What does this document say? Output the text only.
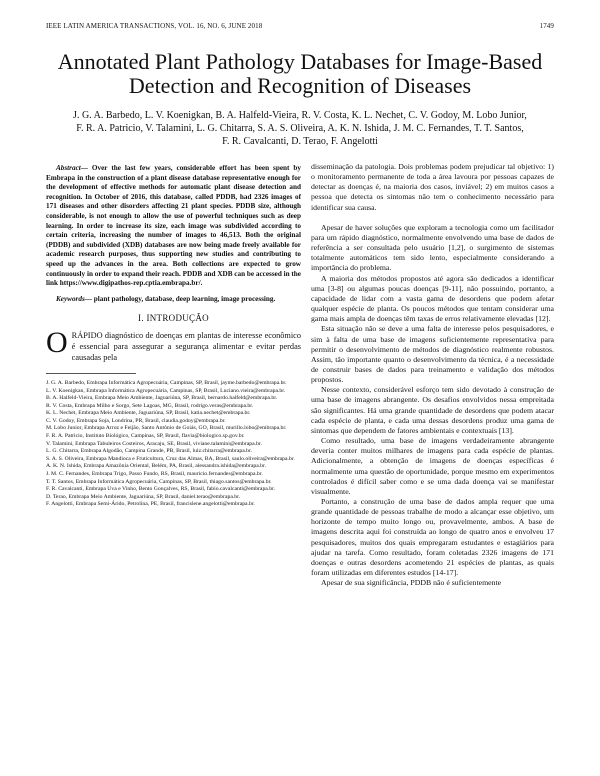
IEEE LATIN AMERICA TRANSACTIONS, VOL. 16, NO. 6, JUNE 2018	1749
Annotated Plant Pathology Databases for Image-Based Detection and Recognition of Diseases
J. G. A. Barbedo, L. V. Koenigkan, B. A. Halfeld-Vieira, R. V. Costa, K. L. Nechet, C. V. Godoy, M. Lobo Junior, F. R. A. Patricio, V. Talamini, L. G. Chitarra, S. A. S. Oliveira, A. K. N. Ishida, J. M. C. Fernandes, T. T. Santos, F. R. Cavalcanti, D. Terao, F. Angelotti

Abstract— Over the last few years, considerable effort has been spent by Embrapa in the construction of a plant disease database representative enough for the development of effective methods for automatic plant disease detection and recognition. In October of 2016, this database, called PDDB, had 2326 images of 171 diseases and other disorders affecting 21 plant species. PDDB size, although considerable, is not enough to allow the use of powerful techniques such as deep learning. In order to increase its size, each image was subdivided according to certain criteria, increasing the number of images to 46,513. Both the original (PDDB) and subdivided (XDB) databases are now being made freely available for academic research purposes, thus supporting new studies and contributing to speed up the advances in the area. Both collections are expected to grow continuously in order to expand their reach. PDDB and XDB can be accessed in the link https://www.digipathos-rep.cptia.embrapa.br/.

Keywords— plant pathology, database, deep learning, image processing.

I. INTRODUÇÃO

O RÁPIDO diagnóstico de doenças em plantas de interesse econômico é essencial para assegurar a segurança alimentar e evitar perdas causadas pela

J. G. A. Barbedo, Embrapa Informática Agropecuária, Campinas, SP, Brasil, jayme.barbedo@embrapa.br.

L. V. Koenigkan, Embrapa Informática Agropecuária, Campinas, SP, Brasil, Luciano.vieira@embrapa.br.

B. A. Halfeld-Vieira, Embrapa Meio Ambiente, Jaguariúna, SP, Brasil, bernardo.halfeld@embrapa.br.

R. V. Costa, Embrapa Milho e Sorgo, Sete Lagoas, MG, Brasil, rodrigo.veras@embrapa.br.

K. L. Nechet, Embrapa Meio Ambiente, Jaguariúna, SP, Brasil, katia.nechet@embrapa.br.

C. V. Godoy, Embrapa Soja, Londrina, PR, Brasil, claudia.godoy@embrapa.br.

M. Lobo Junior, Embrapa Arroz e Feijão, Santo Antônio de Goiás, GO, Brasil, murillo.lobo@embrapa.br.

F. R. A. Patricio, Instituto Biológico, Campinas, SP, Brasil, flavia@biologico.sp.gov.br.

V. Talamini, Embrapa Tabuleiros Costeiros, Aracaju, SE, Brasil, viviane.talamini@embrapa.br.

L. G. Chitarra, Embrapa Algodão, Campina Grande, PB, Brasil, luiz.chitarra@embrapa.br.

S. A. S. Oliveira, Embrapa Mandioca e Fruticultura, Cruz das Almas, BA, Brasil, saulo.oliveira@embrapa.br.

A. K. N. Ishida, Embrapa Amazônia Oriental, Belém, PA, Brasil, alessandra.ishida@embrapa.br.

J. M. C. Fernandes, Embrapa Trigo, Passo Fundo, RS, Brasil, mauricio.fernandes@embrapa.br.

T. T. Santos, Embrapa Informática Agropecuária, Campinas, SP, Brasil, thiago.santos@embrapa.br.

F. R. Cavalcanti, Embrapa Uva e Vinho, Bento Gonçalves, RS, Brasil, fabio.cavalcanti@embrapa.br.

D. Terao, Embrapa Meio Ambiente, Jaguariúna, SP, Brasil, daniel.terao@embrapa.br.

F. Angelotti, Embrapa Semi-Árido, Petrolina, PE, Brasil, francislene.angelotti@embrapa.br.

disseminação da patologia. Dois problemas podem prejudicar tal objetivo: 1) o monitoramento permanente de toda a área lavoura por pessoas capazes de detectar as doenças é, na maioria dos casos, inviável; 2) em muitos casos a pessoa que detecta os sintomas não tem o conhecimento necessário para identificar sua causa.

Apesar de haver soluções que exploram a tecnologia como um facilitador para um rápido diagnóstico, normalmente envolvendo uma base de dados de referência a ser consultada pelo usuário [1,2], o surgimento de sistemas totalmente automáticos tem sido lento, especialmente considerando a importância do problema.

A maioria dos métodos propostos até agora são dedicados a identificar uma [3-8] ou algumas poucas doenças [9-11], não possuindo, portanto, a capacidade de lidar com a vasta gama de desordens que podem afetar qualquer espécie de planta. Os poucos métodos que tentam considerar uma gama mais ampla de doenças têm taxas de erros relativamente elevadas [12].

Esta situação não se deve a uma falta de interesse pelos pesquisadores, e sim à falta de uma base de imagens suficientemente representativa para permitir o desenvolvimento de métodos de diagnóstico realmente robustos. Assim, tão importante quanto o desenvolvimento da técnica, é a necessidade de construir bases de dados para treinamento e validação dos métodos propostos.

Nesse contexto, considerável esforço tem sido devotado à construção de uma base de imagens abrangente. Os desafios envolvidos nessa empreitada são significantes. Há uma grande quantidade de desordens que podem atacar cada espécie de planta, e cada uma dessas desordens produz uma gama de sintomas que dependem de fatores ambientais e contextuais [13].

Como resultado, uma base de imagens verdadeiramente abrangente deveria conter muitos milhares de imagens para cada espécie de plantas. Adicionalmente, a obtenção de imagens de doenças específicas é normalmente uma questão de oportunidade, porque mesmo em experimentos controlados é difícil saber como e se uma dada doença vai se manifestar visualmente.

Portanto, a construção de uma base de dados ampla requer que uma grande quantidade de pessoas trabalhe de modo a alcançar esse objetivo, um horizonte de tempo muito longo ou, provavelmente, ambos. A base de imagens descrita aqui foi construída ao longo de quatro anos e envolveu 17 pesquisadores, muitos dos quais empregaram estudantes e estagiários para ajudar na tarefa. Como resultado, foram coletadas 2326 imagens de 171 doenças e outras desordens acometendo 21 espécies de plantas, as quais foram utilizadas em diferentes estudos [14-17].

Apesar de sua significância, PDDB não é suficientemente
